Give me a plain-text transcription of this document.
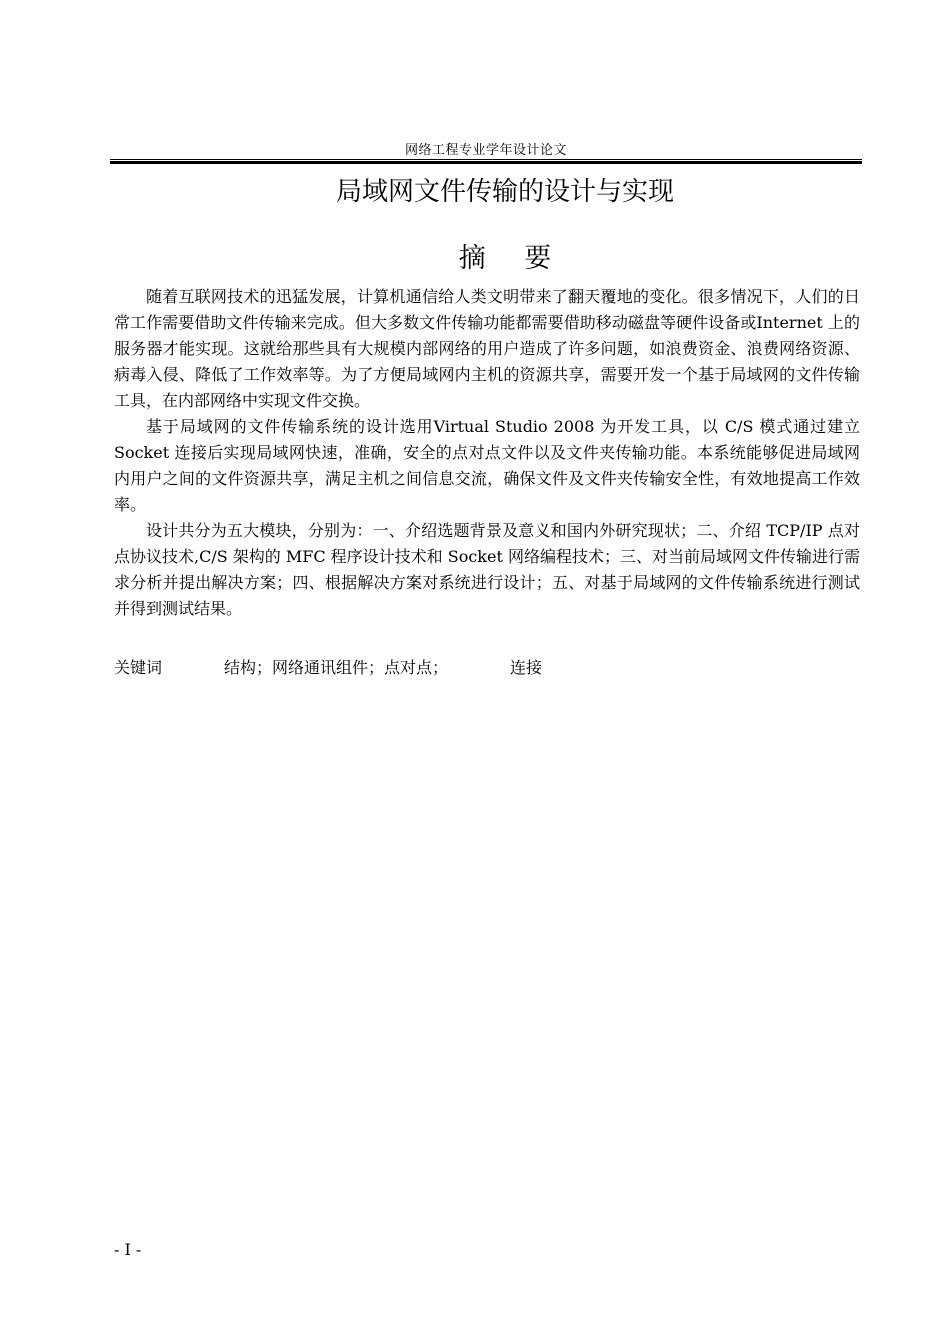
网络工程专业学年设计论文
局域网文件传输的设计与实现
摘 要

随着互联网技术的迅猛发展，计算机通信给人类文明带来了翻天覆地的变化。很多情况下，人们的日常工作需要借助文件传输来完成。但大多数文件传输功能都需要借助移动磁盘等硬件设备或Internet 上的服务器才能实现。这就给那些具有大规模内部网络的用户造成了许多问题，如浪费资金、浪费网络资源、病毒入侵、降低了工作效率等。为了方便局域网内主机的资源共享，需要开发一个基于局域网的文件传输工具，在内部网络中实现文件交换。

基于局域网的文件传输系统的设计选用Virtual Studio 2008 为开发工具，以 C/S 模式通过建立 Socket 连接后实现局域网快速，准确，安全的点对点文件以及文件夹传输功能。本系统能够促进局域网内用户之间的文件资源共享，满足主机之间信息交流，确保文件及文件夹传输安全性，有效地提高工作效率。

设计共分为五大模块，分别为：一、介绍选题背景及意义和国内外研究现状；二、介绍 TCP/IP 点对点协议技术,C/S 架构的 MFC 程序设计技术和 Socket 网络编程技术；三、对当前局域网文件传输进行需求分析并提出解决方案；四、根据解决方案对系统进行设计；五、对基于局域网的文件传输系统进行测试并得到测试结果。

关键词	结构；网络通讯组件；点对点；	连接
- I -
